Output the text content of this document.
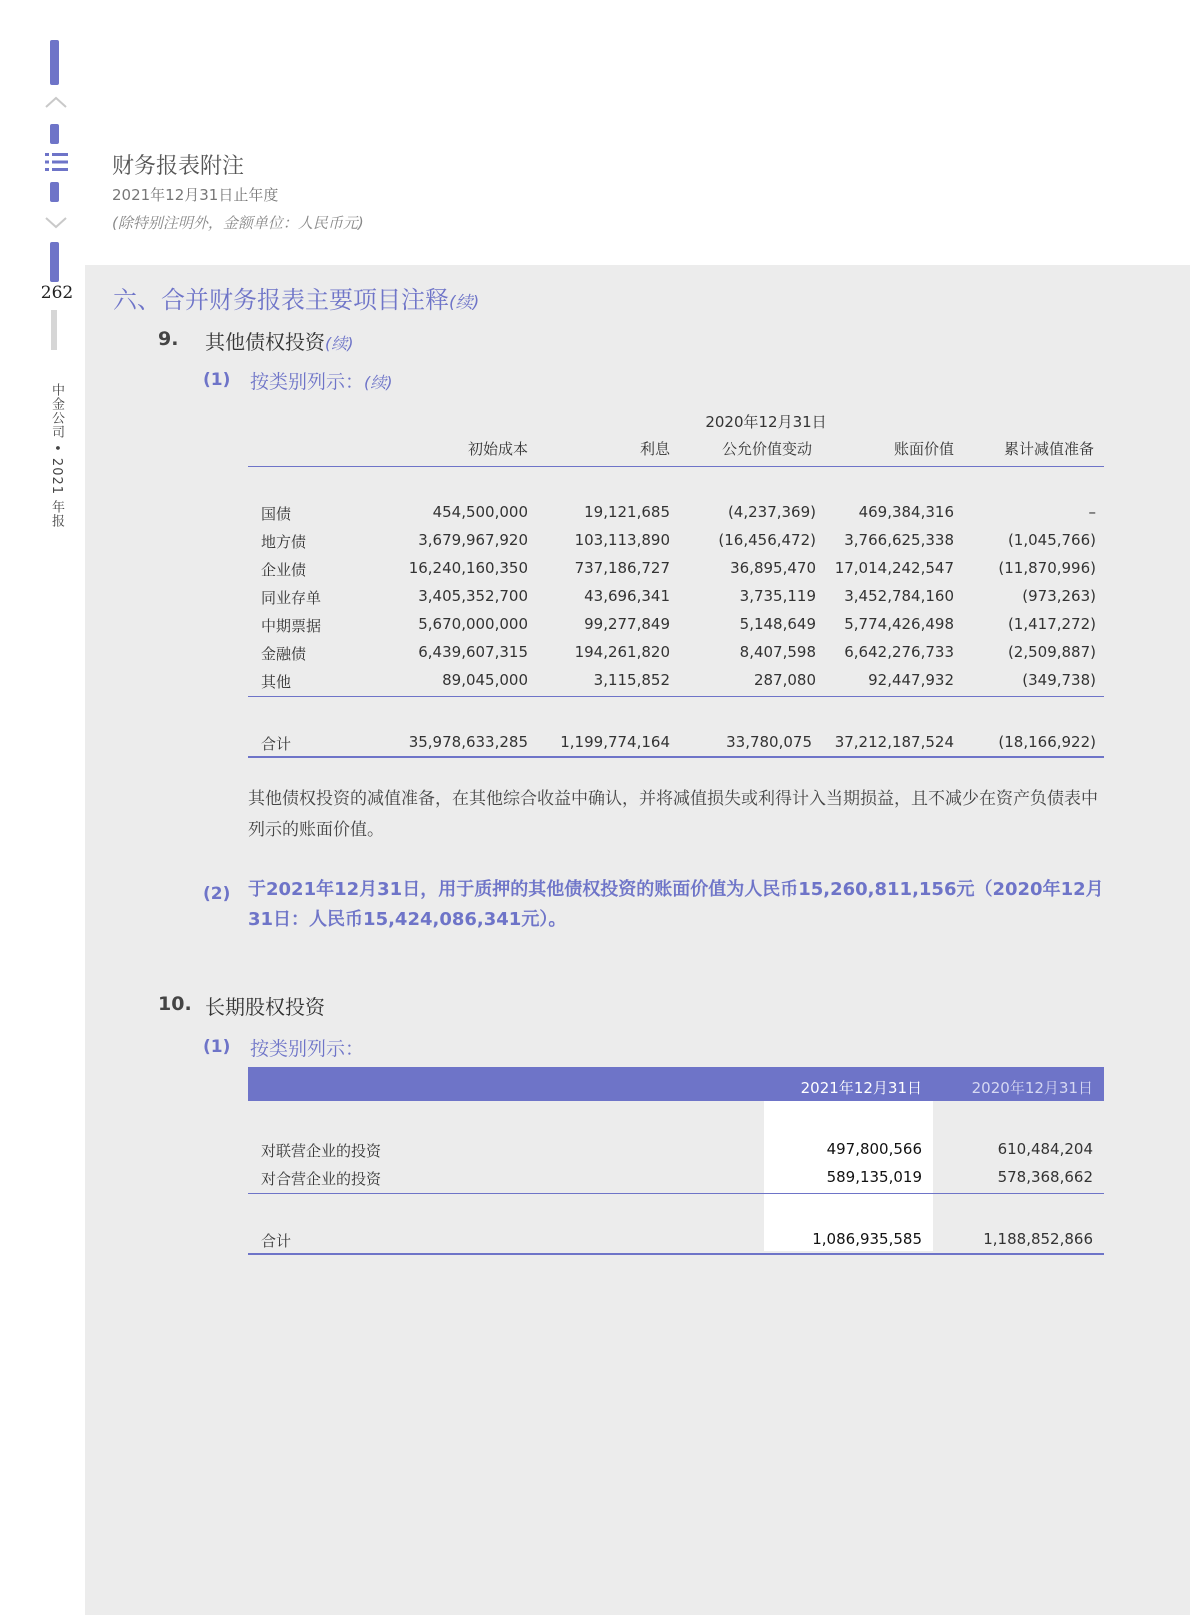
262
中金公司 • 2021 年报
财务报表附注
2021年12月31日止年度
(除特别注明外，金额单位：人民币元)
六、合并财务报表主要项目注释(续)
9. 其他债权投资(续)
(1) 按类别列示：(续)
2020年12月31日
初始成本	利息	公允价值变动	账面价值	累计减值准备
国债	454,500,000	19,121,685	(4,237,369)	469,384,316	–
地方债	3,679,967,920	103,113,890	(16,456,472)	3,766,625,338	(1,045,766)
企业债	16,240,160,350	737,186,727	36,895,470	17,014,242,547	(11,870,996)
同业存单	3,405,352,700	43,696,341	3,735,119	3,452,784,160	(973,263)
中期票据	5,670,000,000	99,277,849	5,148,649	5,774,426,498	(1,417,272)
金融债	6,439,607,315	194,261,820	8,407,598	6,642,276,733	(2,509,887)
其他	89,045,000	3,115,852	287,080	92,447,932	(349,738)
合计	35,978,633,285	1,199,774,164	33,780,075	37,212,187,524	(18,166,922)
其他债权投资的减值准备，在其他综合收益中确认，并将减值损失或利得计入当期损益，且不减少在资产负债表中列示的账面价值。
(2) 于2021年12月31日，用于质押的其他债权投资的账面价值为人民币15,260,811,156元（2020年12月31日：人民币15,424,086,341元）。
10. 长期股权投资
(1) 按类别列示：
2021年12月31日	2020年12月31日
对联营企业的投资	497,800,566	610,484,204
对合营企业的投资	589,135,019	578,368,662
合计	1,086,935,585	1,188,852,866
